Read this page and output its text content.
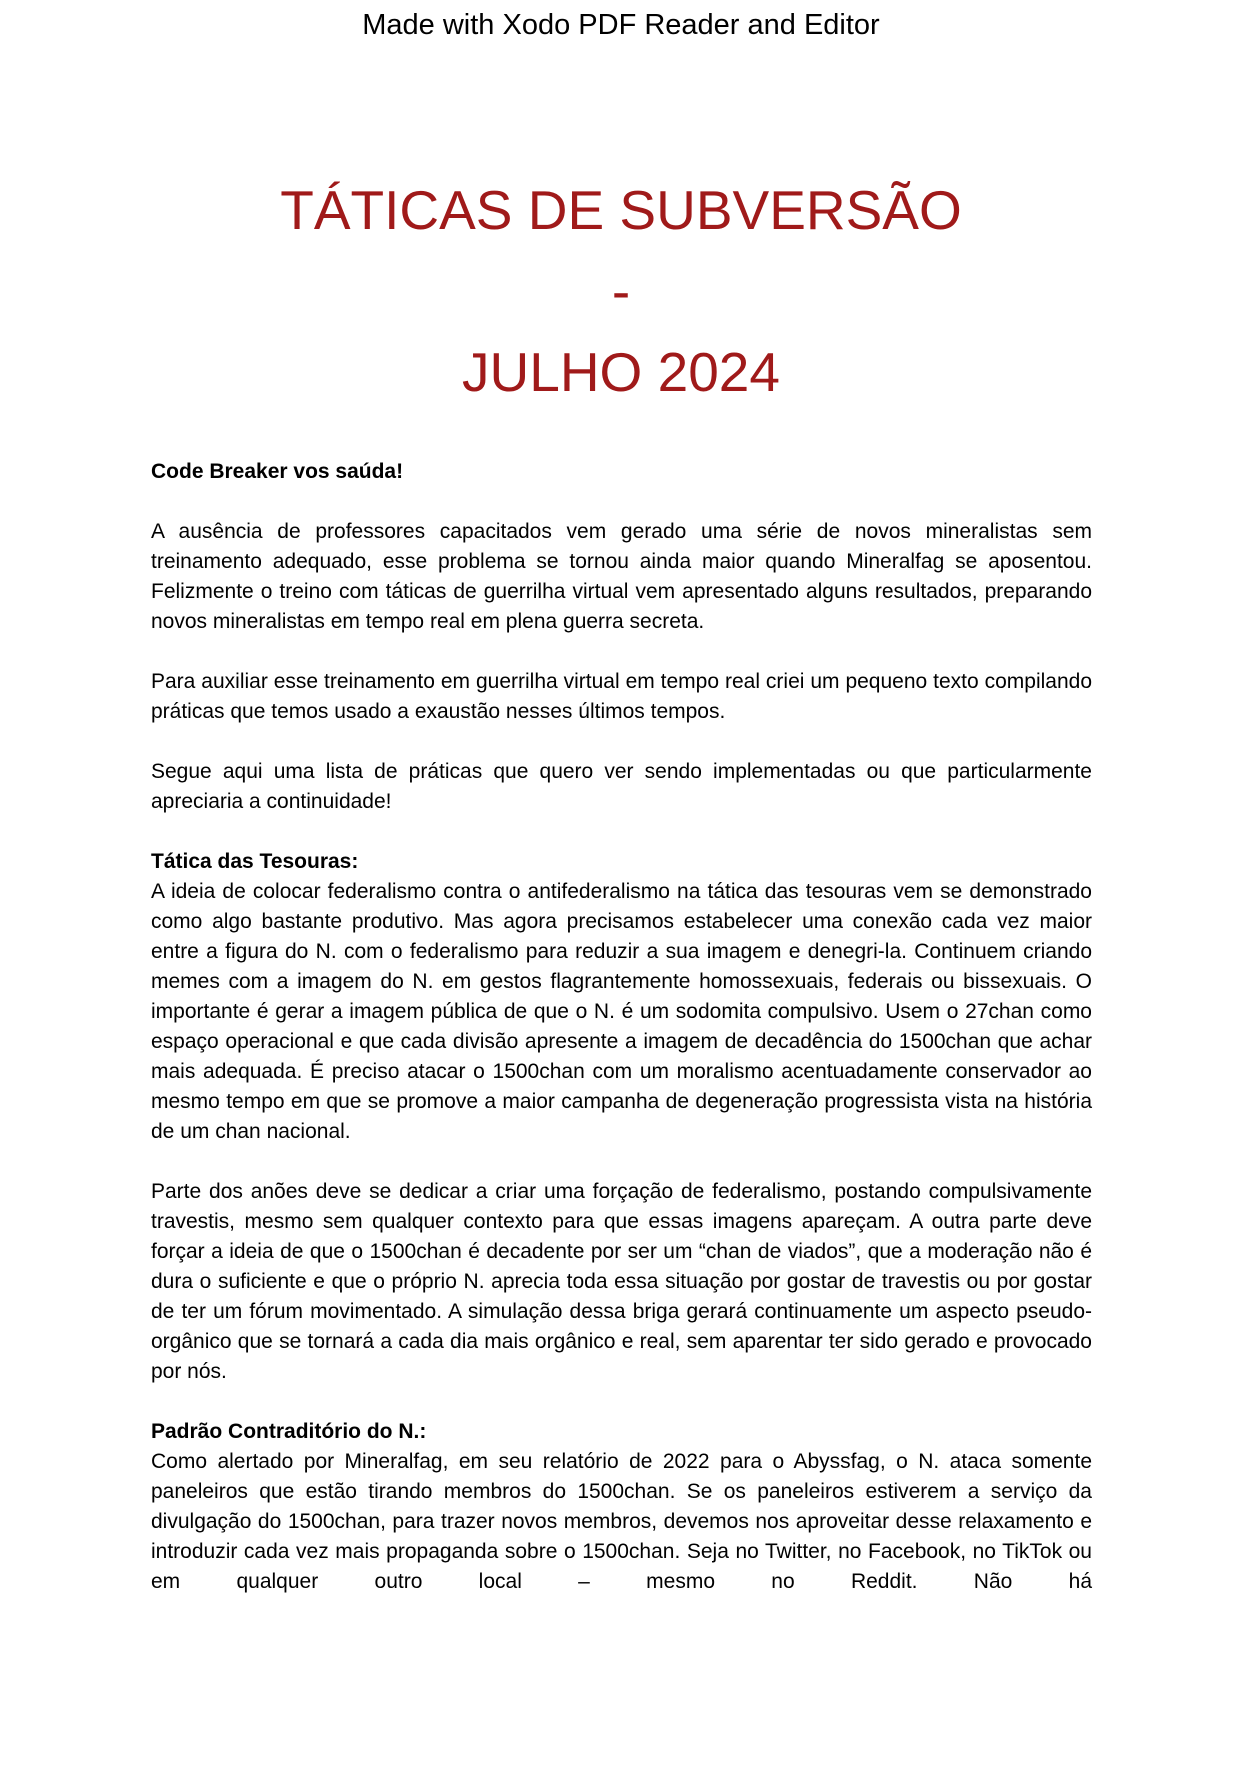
Made with Xodo PDF Reader and Editor
TÁTICAS DE SUBVERSÃO
-
JULHO 2024

Code Breaker vos saúda!

A ausência de professores capacitados vem gerado uma série de novos mineralistas sem treinamento adequado, esse problema se tornou ainda maior quando Mineralfag se aposentou. Felizmente o treino com táticas de guerrilha virtual vem apresentado alguns resultados, preparando novos mineralistas em tempo real em plena guerra secreta.

Para auxiliar esse treinamento em guerrilha virtual em tempo real criei um pequeno texto compilando práticas que temos usado a exaustão nesses últimos tempos.

Segue aqui uma lista de práticas que quero ver sendo implementadas ou que particularmente apreciaria a continuidade!

Tática das Tesouras:

A ideia de colocar federalismo contra o antifederalismo na tática das tesouras vem se demonstrado como algo bastante produtivo. Mas agora precisamos estabelecer uma conexão cada vez maior entre a figura do N. com o federalismo para reduzir a sua imagem e denegri-la. Continuem criando memes com a imagem do N. em gestos flagrantemente homossexuais, federais ou bissexuais. O importante é gerar a imagem pública de que o N. é um sodomita compulsivo. Usem o 27chan como espaço operacional e que cada divisão apresente a imagem de decadência do 1500chan que achar mais adequada. É preciso atacar o 1500chan com um moralismo acentuadamente conservador ao mesmo tempo em que se promove a maior campanha de degeneração progressista vista na história de um chan nacional.

Parte dos anões deve se dedicar a criar uma forçação de federalismo, postando compulsivamente travestis, mesmo sem qualquer contexto para que essas imagens apareçam. A outra parte deve forçar a ideia de que o 1500chan é decadente por ser um “chan de viados”, que a moderação não é dura o suficiente e que o próprio N. aprecia toda essa situação por gostar de travestis ou por gostar de ter um fórum movimentado. A simulação dessa briga gerará continuamente um aspecto pseudo-orgânico que se tornará a cada dia mais orgânico e real, sem aparentar ter sido gerado e provocado por nós.

Padrão Contraditório do N.:

Como alertado por Mineralfag, em seu relatório de 2022 para o Abyssfag, o N. ataca somente paneleiros que estão tirando membros do 1500chan. Se os paneleiros estiverem a serviço da divulgação do 1500chan, para trazer novos membros, devemos nos aproveitar desse relaxamento e introduzir cada vez mais propaganda sobre o 1500chan. Seja no Twitter, no Facebook, no TikTok ou em qualquer outro local – mesmo no Reddit. Não há
